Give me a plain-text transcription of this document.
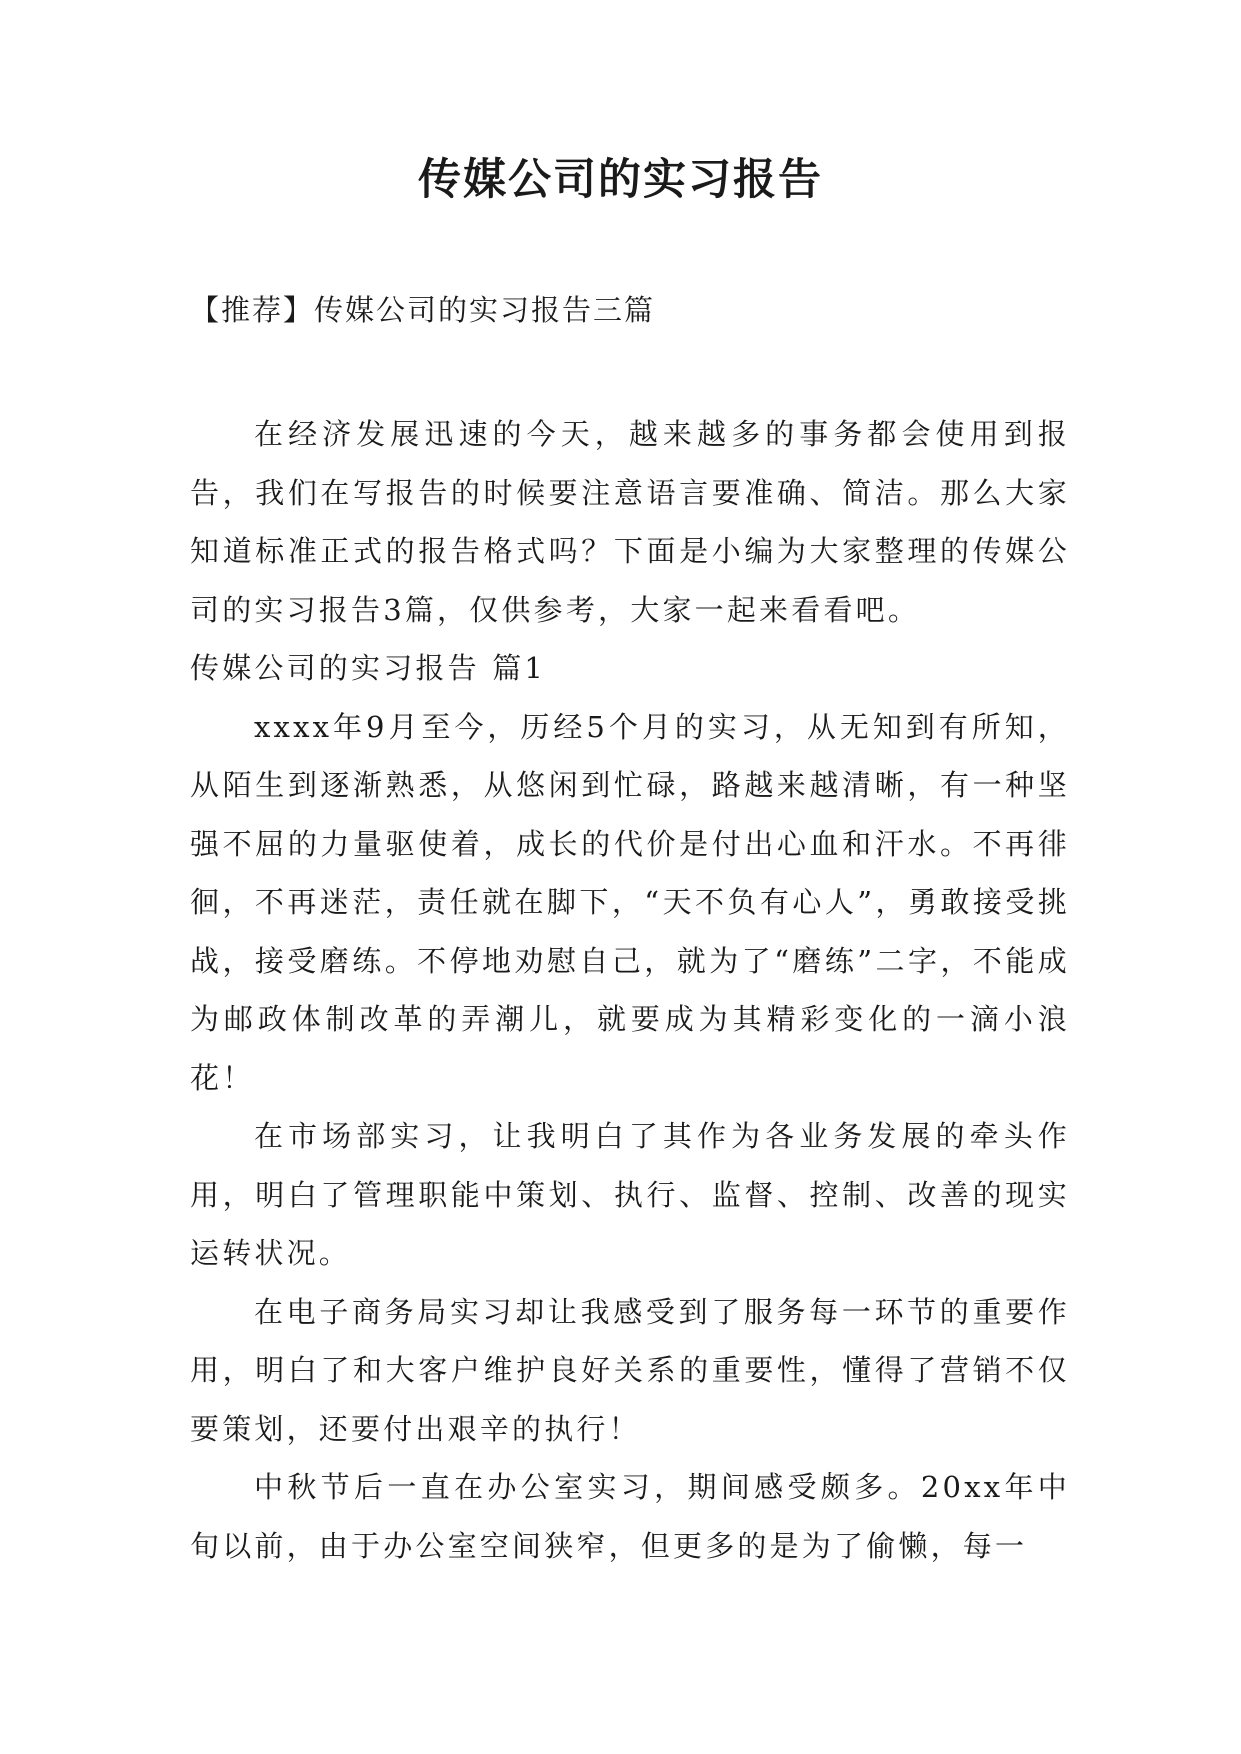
传媒公司的实习报告
【推荐】传媒公司的实习报告三篇

在经济发展迅速的今天，越来越多的事务都会使用到报告，我们在写报告的时候要注意语言要准确、简洁。那么大家知道标准正式的报告格式吗？下面是小编为大家整理的传媒公司的实习报告3篇，仅供参考，大家一起来看看吧。

传媒公司的实习报告 篇1

xxxx年9月至今，历经5个月的实习，从无知到有所知，从陌生到逐渐熟悉，从悠闲到忙碌，路越来越清晰，有一种坚强不屈的力量驱使着，成长的代价是付出心血和汗水。不再徘徊，不再迷茫，责任就在脚下，“天不负有心人”，勇敢接受挑战，接受磨练。不停地劝慰自己，就为了“磨练”二字，不能成为邮政体制改革的弄潮儿，就要成为其精彩变化的一滴小浪花！

在市场部实习，让我明白了其作为各业务发展的牵头作用，明白了管理职能中策划、执行、监督、控制、改善的现实运转状况。

在电子商务局实习却让我感受到了服务每一环节的重要作用，明白了和大客户维护良好关系的重要性，懂得了营销不仅要策划，还要付出艰辛的执行！

中秋节后一直在办公室实习，期间感受颇多。20xx年中旬以前，由于办公室空间狭窄，但更多的是为了偷懒，每一
